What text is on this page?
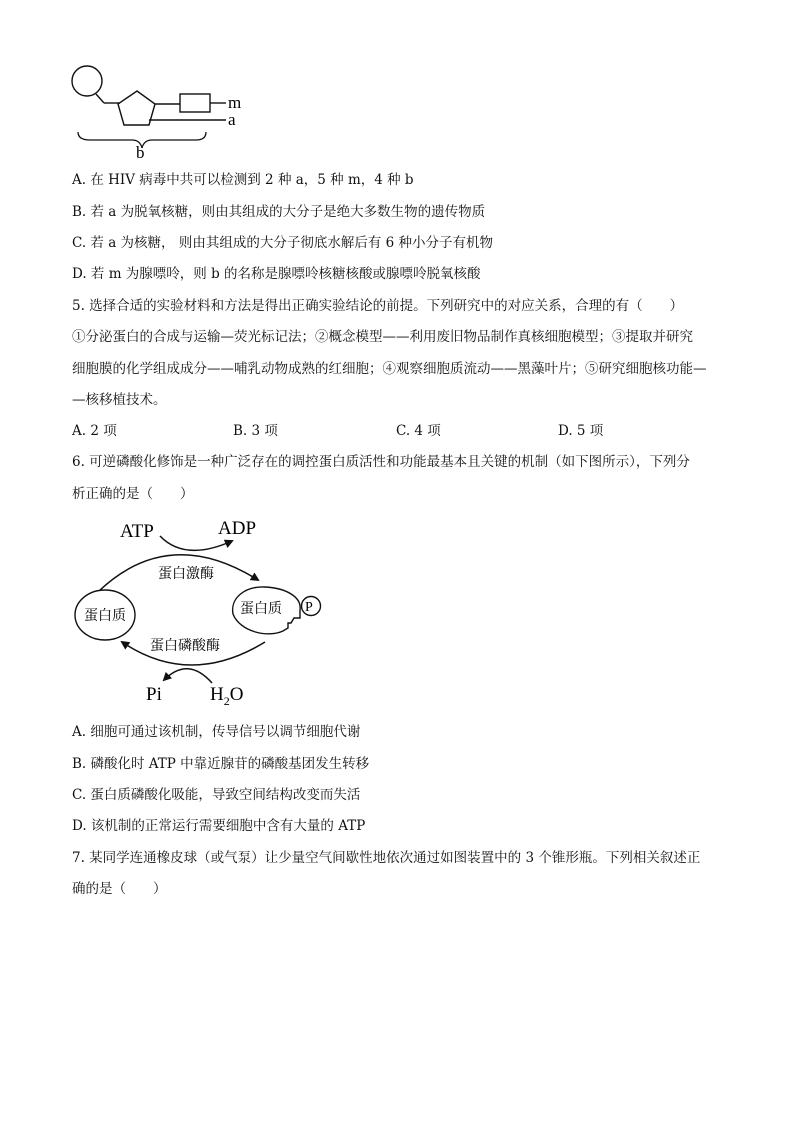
m
a
b
A. 在 HIV 病毒中共可以检测到 2 种 a，5 种 m，4 种 b
B. 若 a 为脱氧核糖，则由其组成的大分子是绝大多数生物的遗传物质
C. 若 a 为核糖， 则由其组成的大分子彻底水解后有 6 种小分子有机物
D. 若 m 为腺嘌呤，则 b 的名称是腺嘌呤核糖核酸或腺嘌呤脱氧核酸
5. 选择合适的实验材料和方法是得出正确实验结论的前提。下列研究中的对应关系，合理的有（　　）
①分泌蛋白的合成与运输—荧光标记法；②概念模型——利用废旧物品制作真核细胞模型；③提取并研究
细胞膜的化学组成成分——哺乳动物成熟的红细胞；④观察细胞质流动——黑藻叶片；⑤研究细胞核功能—
—核移植技术。
A. 2 项	B. 3 项	C. 4 项	D. 5 项
6. 可逆磷酸化修饰是一种广泛存在的调控蛋白质活性和功能最基本且关键的机制（如下图所示），下列分
析正确的是（　　）
ATP	ADP
蛋白激酶
蛋白质	蛋白质 P
蛋白磷酸酶
Pi	$H_2O$
A. 细胞可通过该机制，传导信号以调节细胞代谢
B. 磷酸化时 ATP 中靠近腺苷的磷酸基团发生转移
C. 蛋白质磷酸化吸能，导致空间结构改变而失活
D. 该机制的正常运行需要细胞中含有大量的 ATP
7. 某同学连通橡皮球（或气泵）让少量空气间歇性地依次通过如图装置中的 3 个锥形瓶。下列相关叙述正
确的是（　　）
